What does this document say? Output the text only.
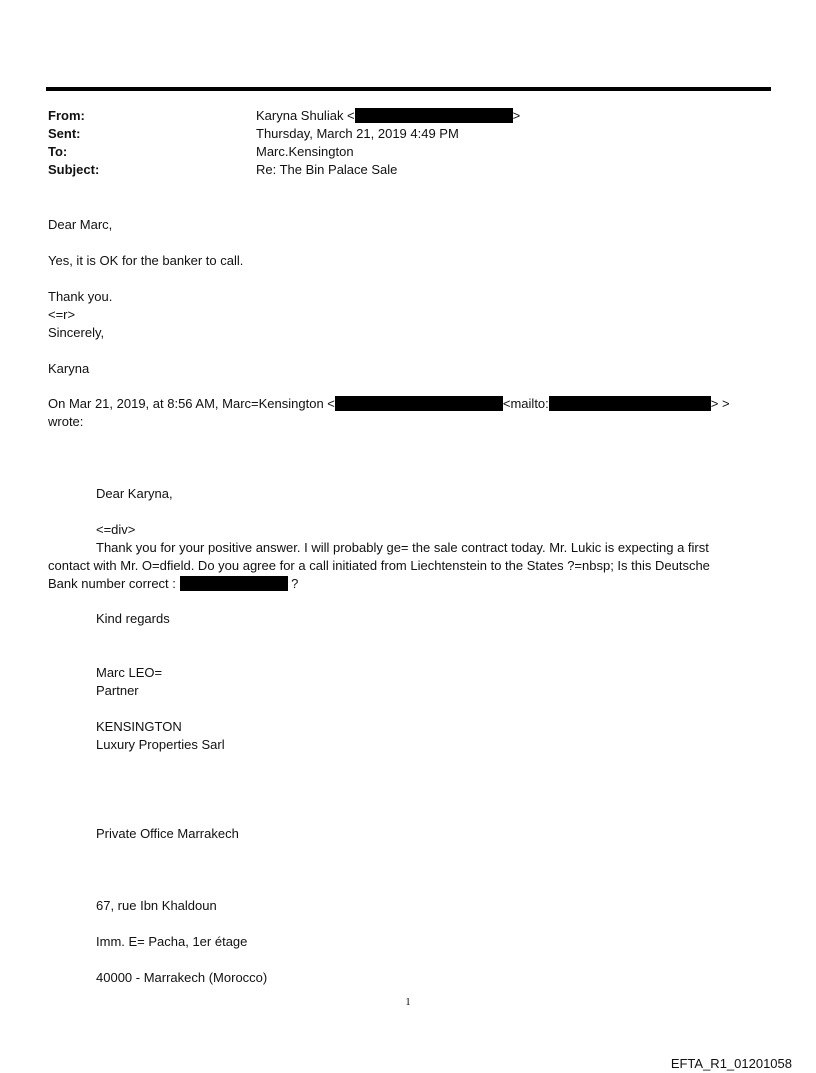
From:	Karyna Shuliak <	>
Sent:	Thursday, March 21, 2019 4:49 PM
To:	Marc.Kensington
Subject:	Re: The Bin Palace Sale
Dear Marc,
Yes, it is OK for the banker to call.
Thank you.
<=r>
Sincerely,
Karyna
On Mar 21, 2019, at 8:56 AM, Marc=Kensington <	<mailto:	> >
wrote:
Dear Karyna,
<=div>
Thank you for your positive answer. I will probably ge= the sale contract today. Mr. Lukic is expecting a first
contact with Mr. O=dfield. Do you agree for a call initiated from Liechtenstein to the States ?=nbsp; Is this Deutsche
Bank number correct :	?
Kind regards
Marc LEO=
Partner
KENSINGTON
Luxury Properties Sarl
Private Office Marrakech
67, rue Ibn Khaldoun
Imm. E= Pacha, 1er étage
40000 - Marrakech (Morocco)
1
EFTA_R1_01201058
